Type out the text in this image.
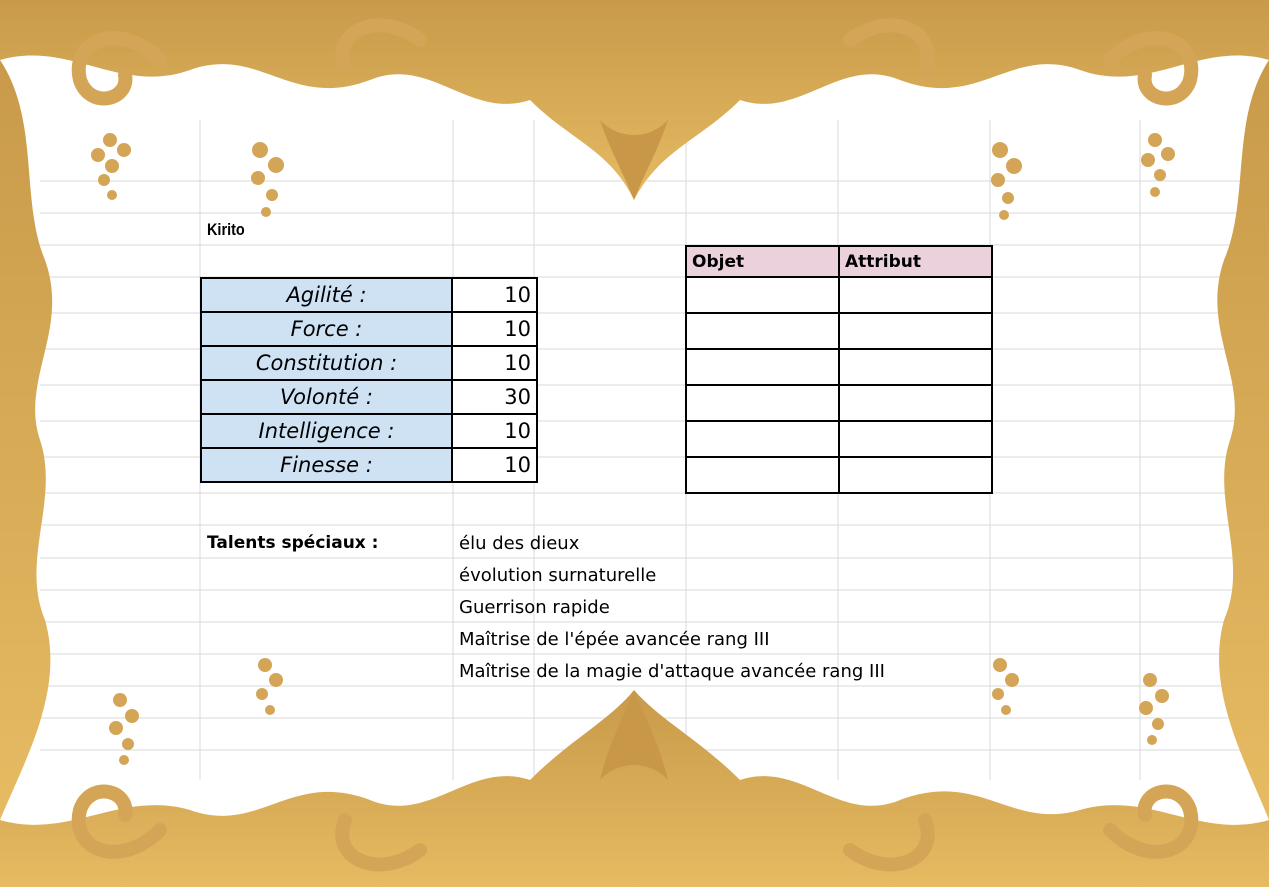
Kirito
Agilité :	10
Force :	10
Constitution :	10
Volonté :	30
Intelligence :	10
Finesse :	10
Objet	Attribut

Talents spéciaux :	élu des dieux
évolution surnaturelle
Guerrison rapide
Maîtrise de l'épée avancée rang III
Maîtrise de la magie d'attaque avancée rang III
